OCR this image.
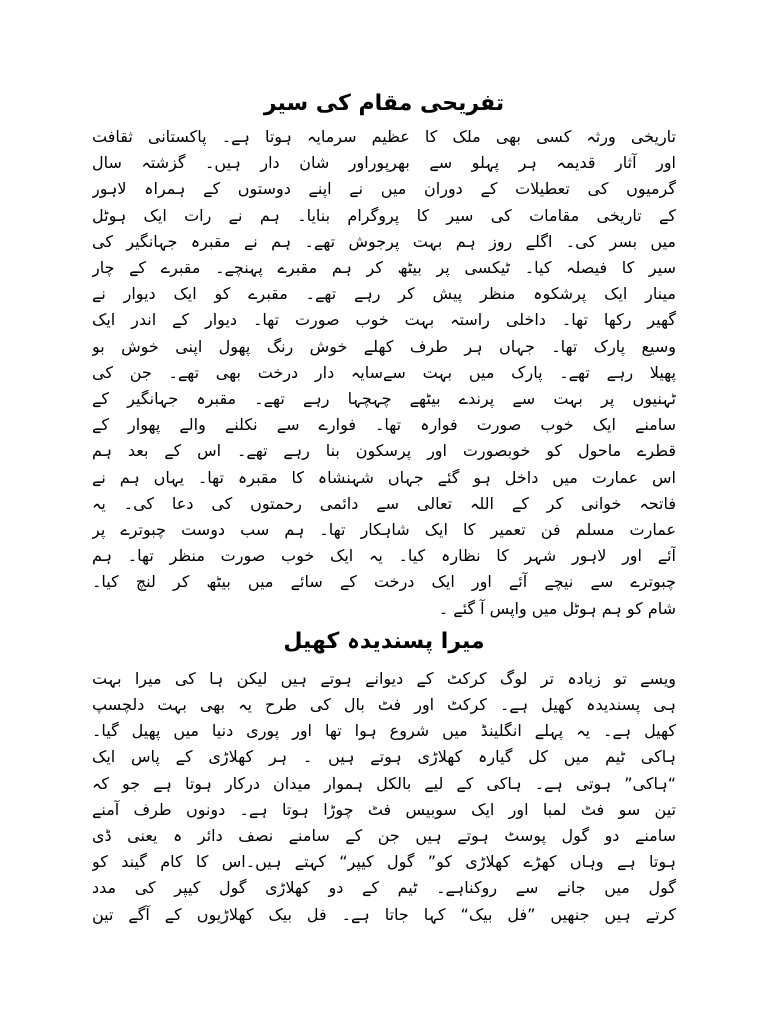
تفریحی مقام کی سیر

تاریخی ورثہ کسی بھی ملک کا عظیم سرمایہ ہوتا ہے۔ پاکستانی ثقافت
اور آثار قدیمہ ہر پہلو سے بھرپوراور شان دار ہیں۔ گزشتہ سال
گرمیوں کی تعطیلات کے دوران میں نے اپنے دوستوں کے ہمراہ لاہور
کے تاریخی مقامات کی سیر کا پروگرام بنایا۔ ہم نے رات ایک ہوٹل
میں بسر کی۔ اگلے روز ہم بہت پرجوش تھے۔ ہم نے مقبرہ جہانگیر کی
سیر کا فیصلہ کیا۔ ٹیکسی پر بیٹھ کر ہم مقبرے پہنچے۔ مقبرے کے چار
مینار ایک پرشکوہ منظر پیش کر رہے تھے۔ مقبرے کو ایک دیوار نے
گھیر رکھا تھا۔ داخلی راستہ بہت خوب صورت تھا۔ دیوار کے اندر ایک
وسیع پارک تھا۔ جہاں ہر طرف کھلے خوش رنگ پھول اپنی خوش بو
پھیلا رہے تھے۔ پارک میں بہت سےسایہ دار درخت بھی تھے۔ جن کی
ٹہنیوں پر بہت سے پرندے بیٹھے چہچہا رہے تھے۔ مقبرہ جہانگیر کے
سامنے ایک خوب صورت فوارہ تھا۔ فوارے سے نکلنے والے پھوار کے
قطرے ماحول کو خوبصورت اور پرسکون بنا رہے تھے۔ اس کے بعد ہم
اس عمارت میں داخل ہو گئے جہاں شہنشاہ کا مقبرہ تھا۔ یہاں ہم نے
فاتحہ خوانی کر کے اللہ تعالی سے دائمی رحمتوں کی دعا کی۔ یہ
عمارت مسلم فن تعمیر کا ایک شاہکار تھا۔ ہم سب دوست چبوترے پر
آئے اور لاہور شہر کا نظارہ کیا۔ یہ ایک خوب صورت منظر تھا۔ ہم
چبوترے سے نیچے آئے اور ایک درخت کے سائے میں بیٹھ کر لنچ کیا۔
شام کو ہم ہوٹل میں واپس آ گئے ۔

میرا پسندیدہ کھیل

ویسے تو زیادہ تر لوگ کرکٹ کے دیوانے ہوتے ہیں لیکن ہا کی میرا بہت
ہی پسندیدہ کھیل ہے۔ کرکٹ اور فٹ بال کی طرح یہ بھی بہت دلچسپ
کھیل ہے۔ یہ پہلے انگلینڈ میں شروع ہوا تھا اور پوری دنیا میں پھیل گیا۔
ہاکی ٹیم میں کل گیارہ کھلاڑی ہوتے ہیں ۔ ہر کھلاڑی کے پاس ایک
“ہاکی” ہوتی ہے۔ ہاکی کے لیے بالکل ہموار میدان درکار ہوتا ہے جو کہ
تین سو فٹ لمبا اور ایک سوبیس فٹ چوڑا ہوتا ہے۔ دونوں طرف آمنے
سامنے دو گول پوسٹ ہوتے ہیں جن کے سامنے نصف دائر ہ یعنی ڈی
ہوتا ہے وہاں کھڑے کھلاڑی کو” گول کیپر“ کہتے ہیں۔اس کا کام گیند کو
گول میں جانے سے روکناہے۔ ٹیم کے دو کھلاڑی گول کیپر کی مدد
کرتے ہیں جنھیں ”فل بیک“ کہا جاتا ہے۔ فل بیک کھلاڑیوں کے آگے تین
